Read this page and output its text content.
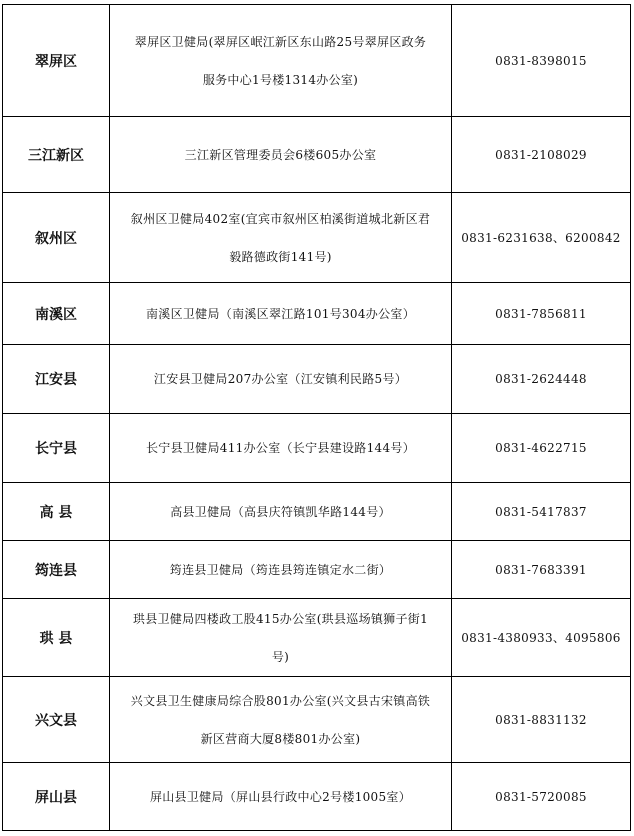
翠屏区	翠屏区卫健局(翠屏区岷江新区东山路25号翠屏区政务服务中心1号楼1314办公室)	0831-8398015
三江新区	三江新区管理委员会6楼605办公室	0831-2108029
叙州区	叙州区卫健局402室(宜宾市叙州区柏溪街道城北新区君毅路德政街141号)	0831-6231638、6200842
南溪区	南溪区卫健局（南溪区翠江路101号304办公室）	0831-7856811
江安县	江安县卫健局207办公室（江安镇利民路5号）	0831-2624448
长宁县	长宁县卫健局411办公室（长宁县建设路144号）	0831-4622715
高 县	高县卫健局（高县庆符镇凯华路144号）	0831-5417837
筠连县	筠连县卫健局（筠连县筠连镇定水二街）	0831-7683391
珙 县	珙县卫健局四楼政工股415办公室(珙县巡场镇狮子街1号)	0831-4380933、4095806
兴文县	兴文县卫生健康局综合股801办公室(兴文县古宋镇高铁新区营商大厦8楼801办公室)	0831-8831132
屏山县	屏山县卫健局（屏山县行政中心2号楼1005室）	0831-5720085
